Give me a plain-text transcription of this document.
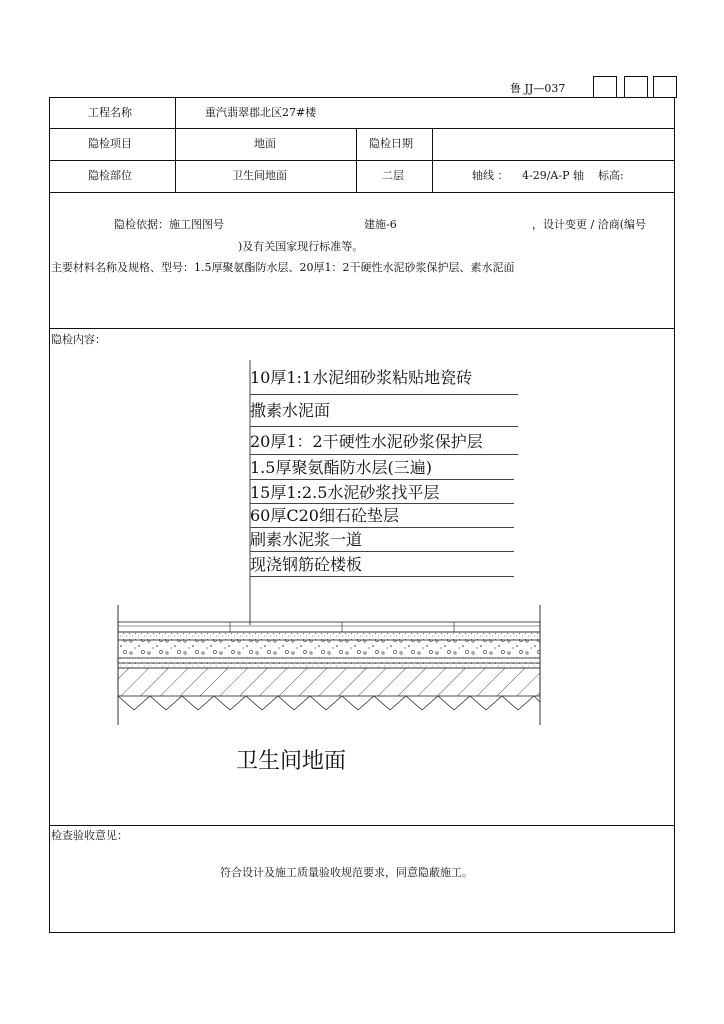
鲁 JJ—037
工程名称	重汽翡翠郡北区27#楼
隐检项目	地面	隐检日期
隐检部位	卫生间地面	二层	轴线 ： 4-29/A-P 轴 标高:
隐检依据：施工图图号	建施-6	，设计变更 / 洽商(编号
)及有关国家现行标准等。
主要材料名称及规格、型号：1.5厚聚氨酯防水层、20厚1：2干硬性水泥砂浆保护层、素水泥面
隐检内容：
10厚1:1水泥细砂浆粘贴地瓷砖
撒素水泥面
20厚1：2干硬性水泥砂浆保护层
1.5厚聚氨酯防水层(三遍)
15厚1:2.5水泥砂浆找平层
60厚C20细石砼垫层
刷素水泥浆一道
现浇钢筋砼楼板
卫生间地面
检查验收意见：
符合设计及施工质量验收规范要求，同意隐蔽施工。
